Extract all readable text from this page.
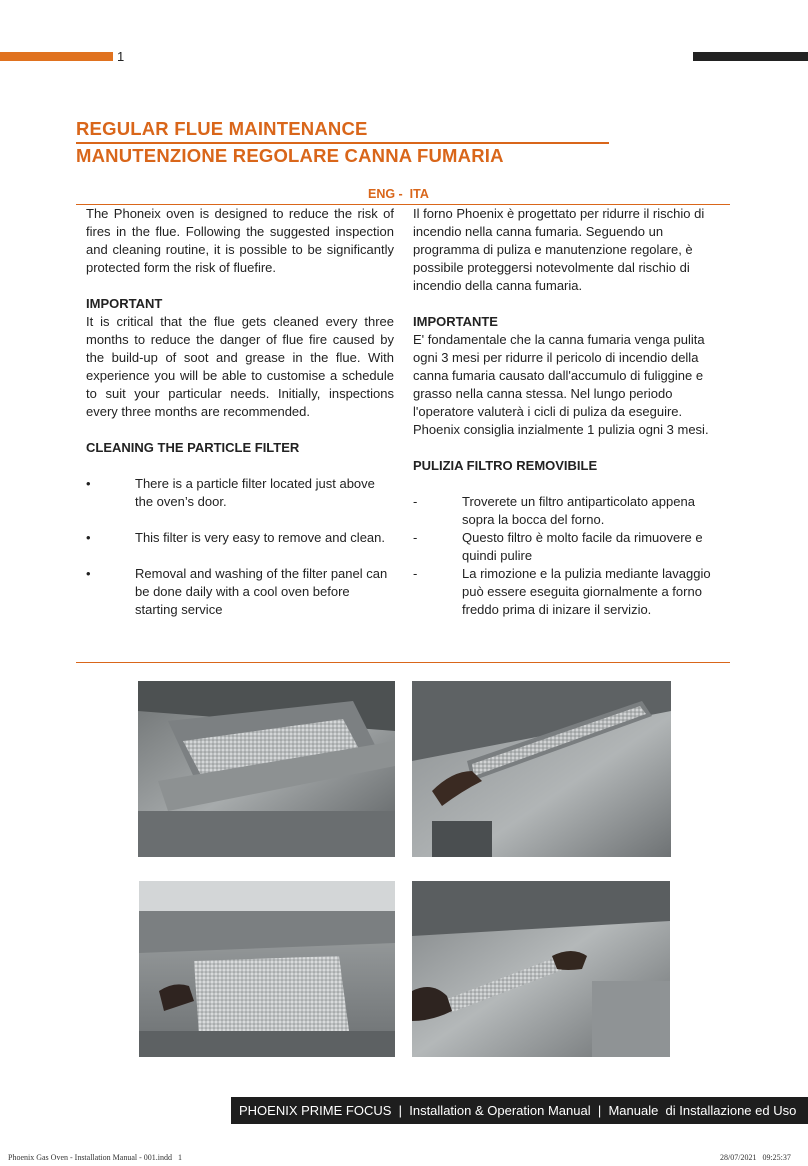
1
REGULAR FLUE MAINTENANCE
MANUTENZIONE REGOLARE CANNA FUMARIA
ENG -  ITA

The Phoneix oven is designed to reduce the risk of fires in the flue. Following the suggested inspection and cleaning routine, it is possible to be significantly protected form the risk of fluefire.

IMPORTANT

It is critical that the flue gets cleaned every three months to reduce the danger of flue fire caused by the build-up of soot and grease in the flue. With experience you will be able to customise a schedule to suit your particular needs. Initially, inspections every three months are recommended.

CLEANING THE PARTICLE FILTER

•	There is a particle filter located just above the oven’s door.

•	This filter is very easy to remove and clean.

•	Removal and washing of the filter panel can be done daily with a cool oven before starting service

Il forno Phoenix è progettato per ridurre il rischio di incendio nella canna fumaria. Seguendo un programma di puliza e manutenzione regolare, è possibile proteggersi notevolmente dal rischio di incendio della canna fumaria.

IMPORTANTE

E' fondamentale che la canna fumaria venga pulita ogni 3 mesi per ridurre il pericolo di incendio della canna fumaria causato dall'accumulo di fuliggine e grasso nella canna stessa. Nel lungo periodo l'operatore valuterà i cicli di puliza da eseguire. Phoenix consiglia inzialmente 1 pulizia ogni 3 mesi.

PULIZIA FILTRO REMOVIBILE

-	Troverete un filtro antiparticolato appena sopra la bocca del forno.

-	Questo filtro è molto facile da rimuovere e quindi pulire

-	La rimozione e la pulizia mediante lavaggio può essere eseguita giornalmente a forno freddo prima di inizare il servizio.

PHOENIX PRIME FOCUS  |  Installation & Operation Manual  |  Manuale  di Installazione ed Uso
Phoenix Gas Oven - Installation Manual - 001.indd   1	28/07/2021   09:25:37
